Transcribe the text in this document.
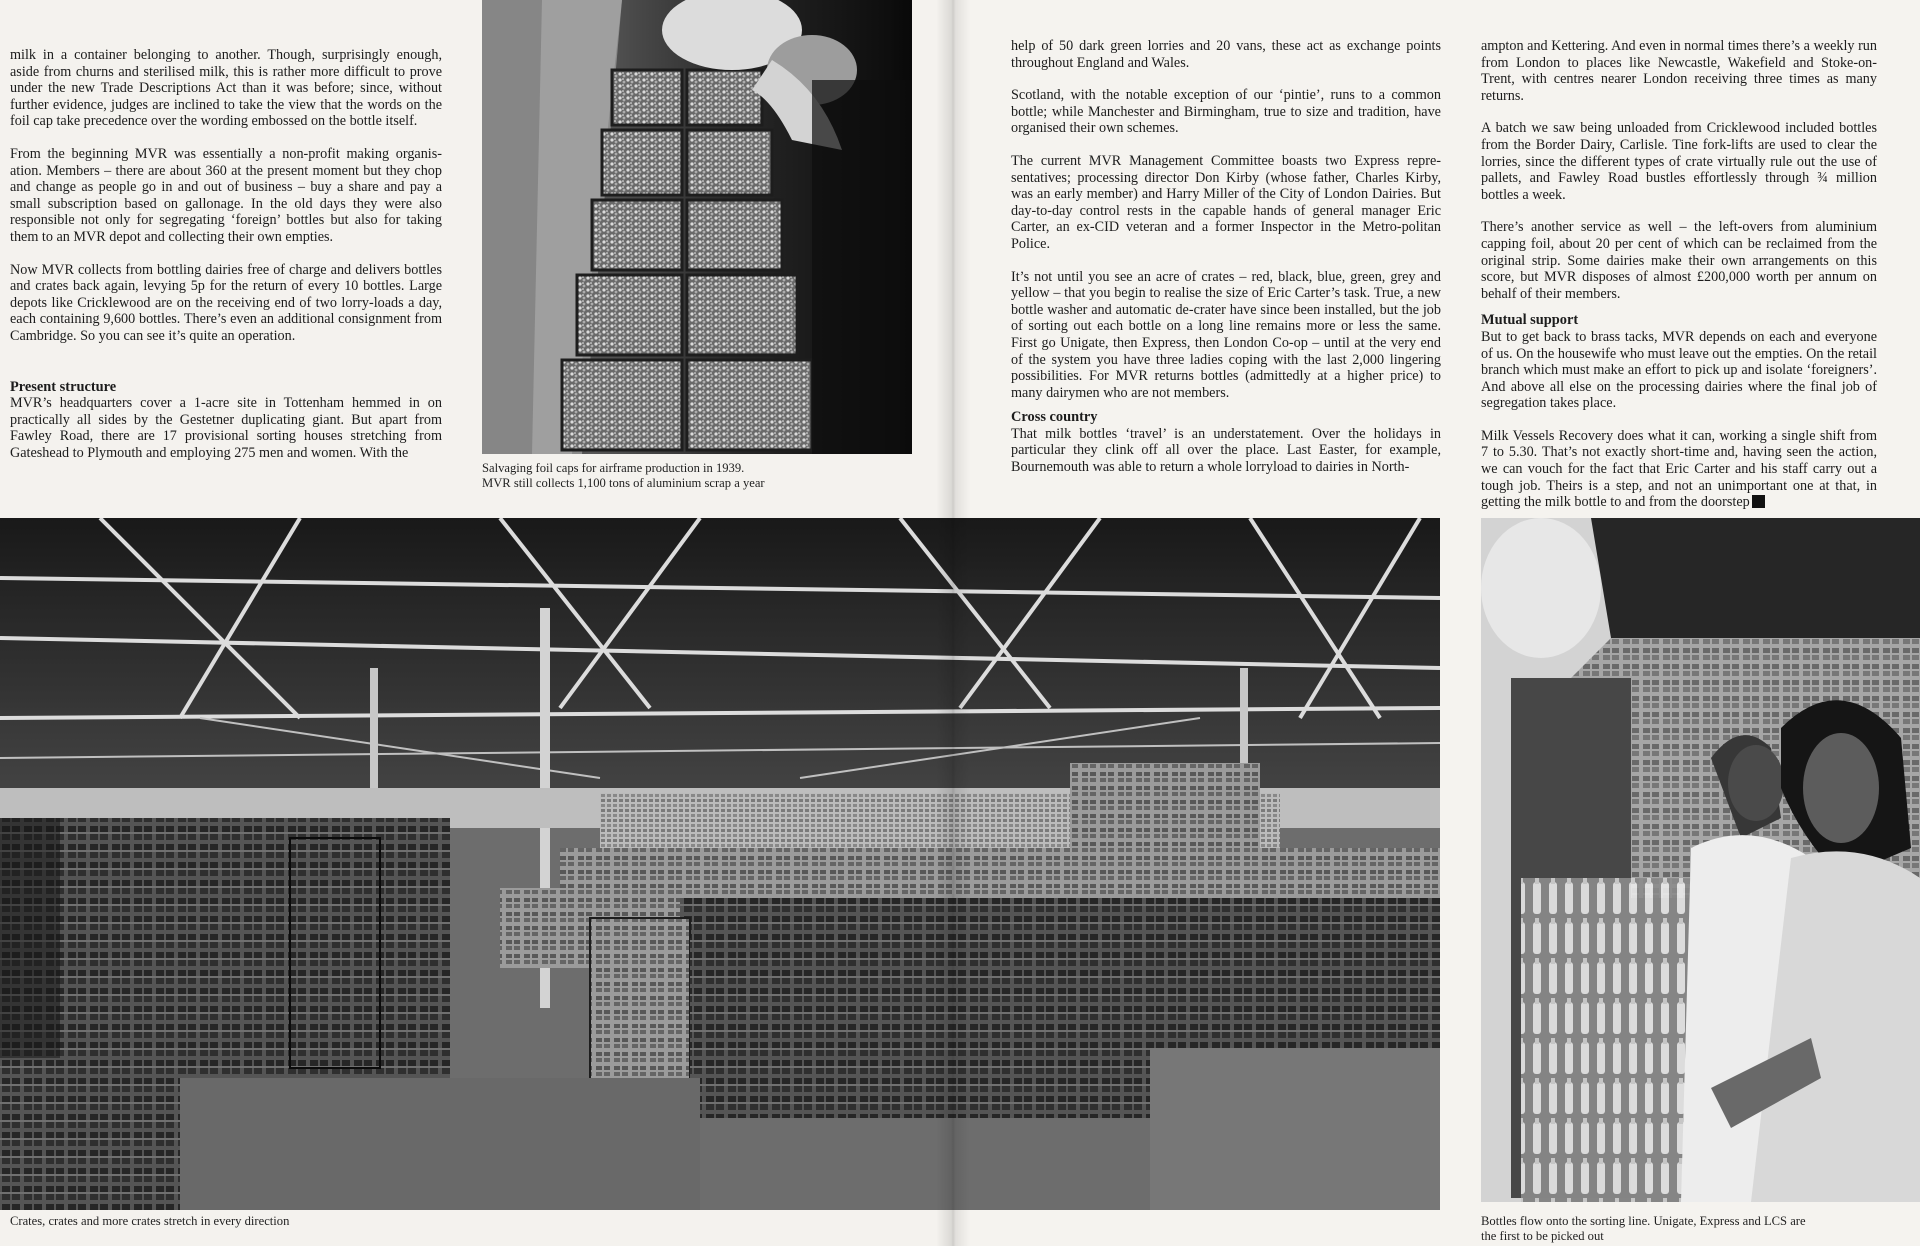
milk in a container belonging to another. Though, surprisingly enough, aside from churns and sterilised milk, this is rather more difficult to prove under the new Trade Descriptions Act than it was before; since, without further evidence, judges are inclined to take the view that the words on the foil cap take precedence over the wording embossed on the bottle itself.

From the beginning MVR was essentially a non-profit making organis-ation. Members – there are about 360 at the present moment but they chop and change as people go in and out of business – buy a share and pay a small subscription based on gallonage. In the old days they were also responsible not only for segregating ‘foreign’ bottles but also for taking them to an MVR depot and collecting their own empties.

Now MVR collects from bottling dairies free of charge and delivers bottles and crates back again, levying 5p for the return of every 10 bottles. Large depots like Cricklewood are on the receiving end of two lorry-loads a day, each containing 9,600 bottles. There’s even an additional consignment from Cambridge. So you can see it’s quite an operation.

Present structure

MVR’s headquarters cover a 1-acre site in Tottenham hemmed in on practically all sides by the Gestetner duplicating giant. But apart from Fawley Road, there are 17 provisional sorting houses stretching from Gateshead to Plymouth and employing 275 men and women. With the

Salvaging foil caps for airframe production in 1939.
MVR still collects 1,100 tons of aluminium scrap a year

help of 50 dark green lorries and 20 vans, these act as exchange points throughout England and Wales.

Scotland, with the notable exception of our ‘pintie’, runs to a common bottle; while Manchester and Birmingham, true to size and tradition, have organised their own schemes.

The current MVR Management Committee boasts two Express repre-sentatives; processing director Don Kirby (whose father, Charles Kirby, was an early member) and Harry Miller of the City of London Dairies. But day-to-day control rests in the capable hands of general manager Eric Carter, an ex-CID veteran and a former Inspector in the Metro-politan Police.

It’s not until you see an acre of crates – red, black, blue, green, grey and yellow – that you begin to realise the size of Eric Carter’s task. True, a new bottle washer and automatic de-crater have since been installed, but the job of sorting out each bottle on a long line remains more or less the same. First go Unigate, then Express, then London Co-op – until at the very end of the system you have three ladies coping with the last 2,000 lingering possibilities. For MVR returns bottles (admittedly at a higher price) to many dairymen who are not members.

Cross country

That milk bottles ‘travel’ is an understatement. Over the holidays in particular they clink off all over the place. Last Easter, for example, Bournemouth was able to return a whole lorryload to dairies in North-

ampton and Kettering. And even in normal times there’s a weekly run from London to places like Newcastle, Wakefield and Stoke-on-Trent, with centres nearer London receiving three times as many returns.

A batch we saw being unloaded from Cricklewood included bottles from the Border Dairy, Carlisle. Tine fork-lifts are used to clear the lorries, since the different types of crate virtually rule out the use of pallets, and Fawley Road bustles effortlessly through ¾ million bottles a week.

There’s another service as well – the left-overs from aluminium capping foil, about 20 per cent of which can be reclaimed from the original strip. Some dairies make their own arrangements on this score, but MVR disposes of almost £200,000 worth per annum on behalf of their members.

Mutual support

But to get back to brass tacks, MVR depends on each and everyone of us. On the housewife who must leave out the empties. On the retail branch which must make an effort to pick up and isolate ‘foreigners’. And above all else on the processing dairies where the final job of segregation takes place.

Milk Vessels Recovery does what it can, working a single shift from 7 to 5.30. That’s not exactly short-time and, having seen the action, we can vouch for the fact that Eric Carter and his staff carry out a tough job. Theirs is a step, and not an unimportant one at that, in getting the milk bottle to and from the doorstep

Crates, crates and more crates stretch in every direction	Bottles flow onto the sorting line. Unigate, Express and LCS are
the first to be picked out
